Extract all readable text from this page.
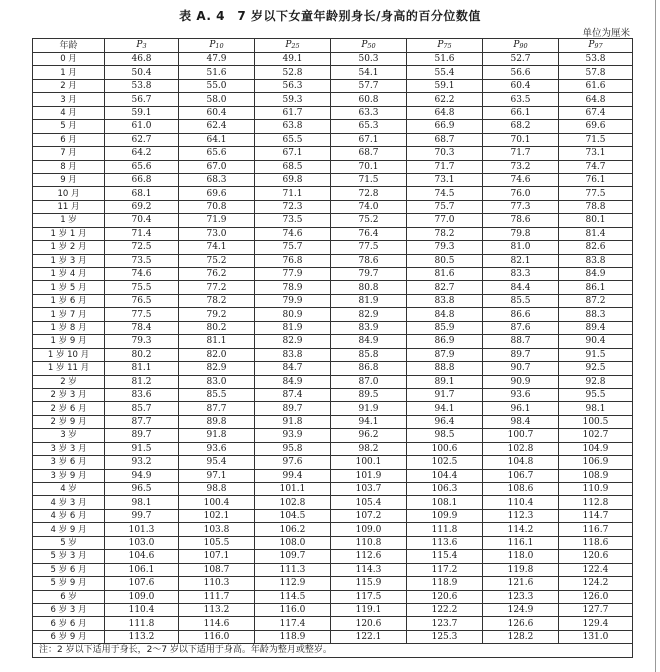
表 A. 4　7 岁以下女童年龄别身长/身高的百分位数值
单位为厘米
年龄	$P_3$	$P_{10}$	$P_{25}$	$P_{50}$	$P_{75}$	$P_{90}$	$P_{97}$
0 月	46.8	47.9	49.1	50.3	51.6	52.7	53.8
1 月	50.4	51.6	52.8	54.1	55.4	56.6	57.8
2 月	53.8	55.0	56.3	57.7	59.1	60.4	61.6
3 月	56.7	58.0	59.3	60.8	62.2	63.5	64.8
4 月	59.1	60.4	61.7	63.3	64.8	66.1	67.4
5 月	61.0	62.4	63.8	65.3	66.9	68.2	69.6
6 月	62.7	64.1	65.5	67.1	68.7	70.1	71.5
7 月	64.2	65.6	67.1	68.7	70.3	71.7	73.1
8 月	65.6	67.0	68.5	70.1	71.7	73.2	74.7
9 月	66.8	68.3	69.8	71.5	73.1	74.6	76.1
10 月	68.1	69.6	71.1	72.8	74.5	76.0	77.5
11 月	69.2	70.8	72.3	74.0	75.7	77.3	78.8
1 岁	70.4	71.9	73.5	75.2	77.0	78.6	80.1
1 岁 1 月	71.4	73.0	74.6	76.4	78.2	79.8	81.4
1 岁 2 月	72.5	74.1	75.7	77.5	79.3	81.0	82.6
1 岁 3 月	73.5	75.2	76.8	78.6	80.5	82.1	83.8
1 岁 4 月	74.6	76.2	77.9	79.7	81.6	83.3	84.9
1 岁 5 月	75.5	77.2	78.9	80.8	82.7	84.4	86.1
1 岁 6 月	76.5	78.2	79.9	81.9	83.8	85.5	87.2
1 岁 7 月	77.5	79.2	80.9	82.9	84.8	86.6	88.3
1 岁 8 月	78.4	80.2	81.9	83.9	85.9	87.6	89.4
1 岁 9 月	79.3	81.1	82.9	84.9	86.9	88.7	90.4
1 岁 10 月	80.2	82.0	83.8	85.8	87.9	89.7	91.5
1 岁 11 月	81.1	82.9	84.7	86.8	88.8	90.7	92.5
2 岁	81.2	83.0	84.9	87.0	89.1	90.9	92.8
2 岁 3 月	83.6	85.5	87.4	89.5	91.7	93.6	95.5
2 岁 6 月	85.7	87.7	89.7	91.9	94.1	96.1	98.1
2 岁 9 月	87.7	89.8	91.8	94.1	96.4	98.4	100.5
3 岁	89.7	91.8	93.9	96.2	98.5	100.7	102.7
3 岁 3 月	91.5	93.6	95.8	98.2	100.6	102.8	104.9
3 岁 6 月	93.2	95.4	97.6	100.1	102.5	104.8	106.9
3 岁 9 月	94.9	97.1	99.4	101.9	104.4	106.7	108.9
4 岁	96.5	98.8	101.1	103.7	106.3	108.6	110.9
4 岁 3 月	98.1	100.4	102.8	105.4	108.1	110.4	112.8
4 岁 6 月	99.7	102.1	104.5	107.2	109.9	112.3	114.7
4 岁 9 月	101.3	103.8	106.2	109.0	111.8	114.2	116.7
5 岁	103.0	105.5	108.0	110.8	113.6	116.1	118.6
5 岁 3 月	104.6	107.1	109.7	112.6	115.4	118.0	120.6
5 岁 6 月	106.1	108.7	111.3	114.3	117.2	119.8	122.4
5 岁 9 月	107.6	110.3	112.9	115.9	118.9	121.6	124.2
6 岁	109.0	111.7	114.5	117.5	120.6	123.3	126.0
6 岁 3 月	110.4	113.2	116.0	119.1	122.2	124.9	127.7
6 岁 6 月	111.8	114.6	117.4	120.6	123.7	126.6	129.4
6 岁 9 月	113.2	116.0	118.9	122.1	125.3	128.2	131.0
注：2 岁以下适用于身长，2～7 岁以下适用于身高。年龄为整月或整岁。							
